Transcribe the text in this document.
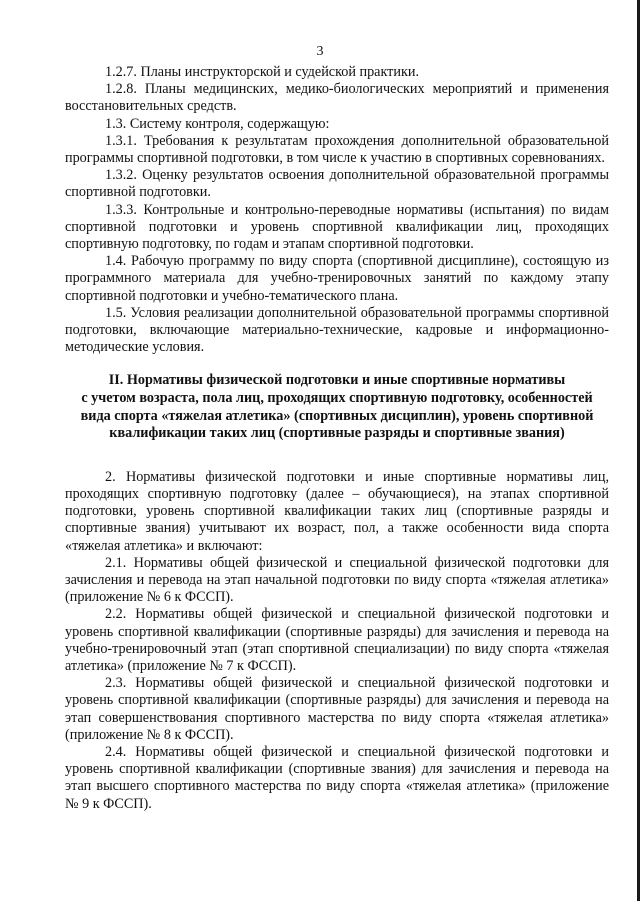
3

1.2.7. Планы инструкторской и судейской практики.

1.2.8. Планы медицинских, медико-биологических мероприятий и применения восстановительных средств.

1.3. Систему контроля, содержащую:

1.3.1. Требования к результатам прохождения дополнительной образовательной программы спортивной подготовки, в том числе к участию в спортивных соревнованиях.

1.3.2. Оценку результатов освоения дополнительной образовательной программы спортивной подготовки.

1.3.3. Контрольные и контрольно-переводные нормативы (испытания) по видам спортивной подготовки и уровень спортивной квалификации лиц, проходящих спортивную подготовку, по годам и этапам спортивной подготовки.

1.4. Рабочую программу по виду спорта (спортивной дисциплине), состоящую из программного материала для учебно-тренировочных занятий по каждому этапу спортивной подготовки и учебно-тематического плана.

1.5. Условия реализации дополнительной образовательной программы спортивной подготовки, включающие материально-технические, кадровые и информационно-методические условия.

II. Нормативы физической подготовки и иные спортивные нормативы
с учетом возраста, пола лиц, проходящих спортивную подготовку, особенностей
вида спорта «тяжелая атлетика» (спортивных дисциплин), уровень спортивной
квалификации таких лиц (спортивные разряды и спортивные звания)

2. Нормативы физической подготовки и иные спортивные нормативы лиц, проходящих спортивную подготовку (далее – обучающиеся), на этапах спортивной подготовки, уровень спортивной квалификации таких лиц (спортивные разряды и спортивные звания) учитывают их возраст, пол, а также особенности вида спорта «тяжелая атлетика» и включают:

2.1. Нормативы общей физической и специальной физической подготовки для зачисления и перевода на этап начальной подготовки по виду спорта «тяжелая атлетика» (приложение № 6 к ФССП).

2.2. Нормативы общей физической и специальной физической подготовки и уровень спортивной квалификации (спортивные разряды) для зачисления и перевода на учебно-тренировочный этап (этап спортивной специализации) по виду спорта «тяжелая атлетика» (приложение № 7 к ФССП).

2.3. Нормативы общей физической и специальной физической подготовки и уровень спортивной квалификации (спортивные разряды) для зачисления и перевода на этап совершенствования спортивного мастерства по виду спорта «тяжелая атлетика» (приложение № 8 к ФССП).

2.4. Нормативы общей физической и специальной физической подготовки и уровень спортивной квалификации (спортивные звания) для зачисления и перевода на этап высшего спортивного мастерства по виду спорта «тяжелая атлетика» (приложение № 9 к ФССП).
